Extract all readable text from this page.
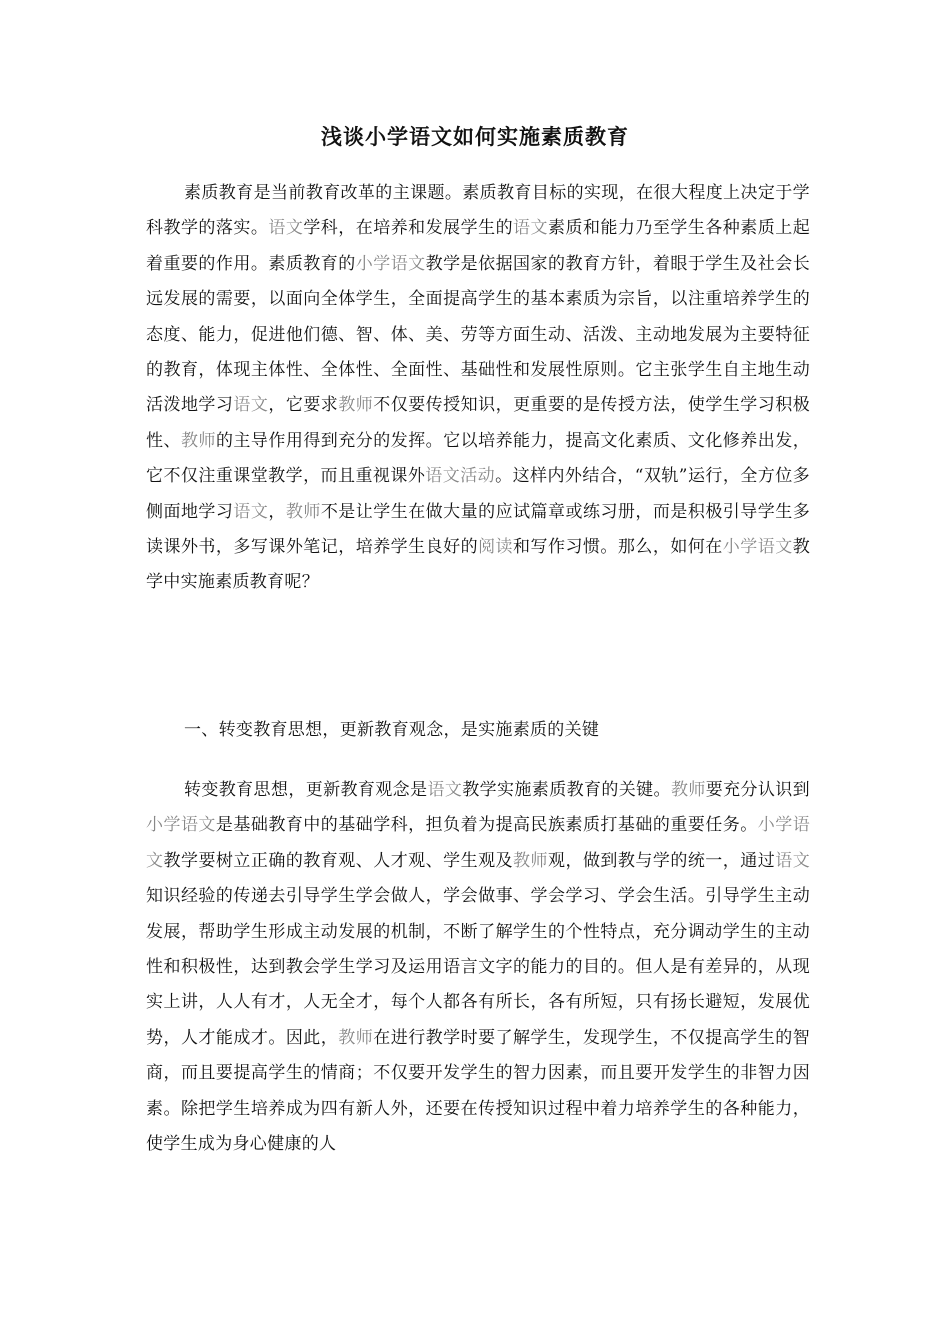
浅谈小学语文如何实施素质教育

素质教育是当前教育改革的主课题。素质教育目标的实现，在很大程度上决定于学科教学的落实。语文学科，在培养和发展学生的语文素质和能力乃至学生各种素质上起着重要的作用。素质教育的小学语文教学是依据国家的教育方针，着眼于学生及社会长远发展的需要，以面向全体学生，全面提高学生的基本素质为宗旨，以注重培养学生的态度、能力，促进他们德、智、体、美、劳等方面生动、活泼、主动地发展为主要特征的教育，体现主体性、全体性、全面性、基础性和发展性原则。它主张学生自主地生动活泼地学习语文，它要求教师不仅要传授知识，更重要的是传授方法，使学生学习积极性、教师的主导作用得到充分的发挥。它以培养能力，提高文化素质、文化修养出发，它不仅注重课堂教学，而且重视课外语文活动。这样内外结合，“双轨”运行，全方位多侧面地学习语文，教师不是让学生在做大量的应试篇章或练习册，而是积极引导学生多读课外书，多写课外笔记，培养学生良好的阅读和写作习惯。那么，如何在小学语文教学中实施素质教育呢？

一、转变教育思想，更新教育观念，是实施素质的关键

转变教育思想，更新教育观念是语文教学实施素质教育的关键。教师要充分认识到小学语文是基础教育中的基础学科，担负着为提高民族素质打基础的重要任务。小学语文教学要树立正确的教育观、人才观、学生观及教师观，做到教与学的统一，通过语文知识经验的传递去引导学生学会做人，学会做事、学会学习、学会生活。引导学生主动发展，帮助学生形成主动发展的机制，不断了解学生的个性特点，充分调动学生的主动性和积极性，达到教会学生学习及运用语言文字的能力的目的。但人是有差异的，从现实上讲，人人有才，人无全才，每个人都各有所长，各有所短，只有扬长避短，发展优势，人才能成才。因此，教师在进行教学时要了解学生，发现学生，不仅提高学生的智商，而且要提高学生的情商；不仅要开发学生的智力因素，而且要开发学生的非智力因素。除把学生培养成为四有新人外，还要在传授知识过程中着力培养学生的各种能力，使学生成为身心健康的人
